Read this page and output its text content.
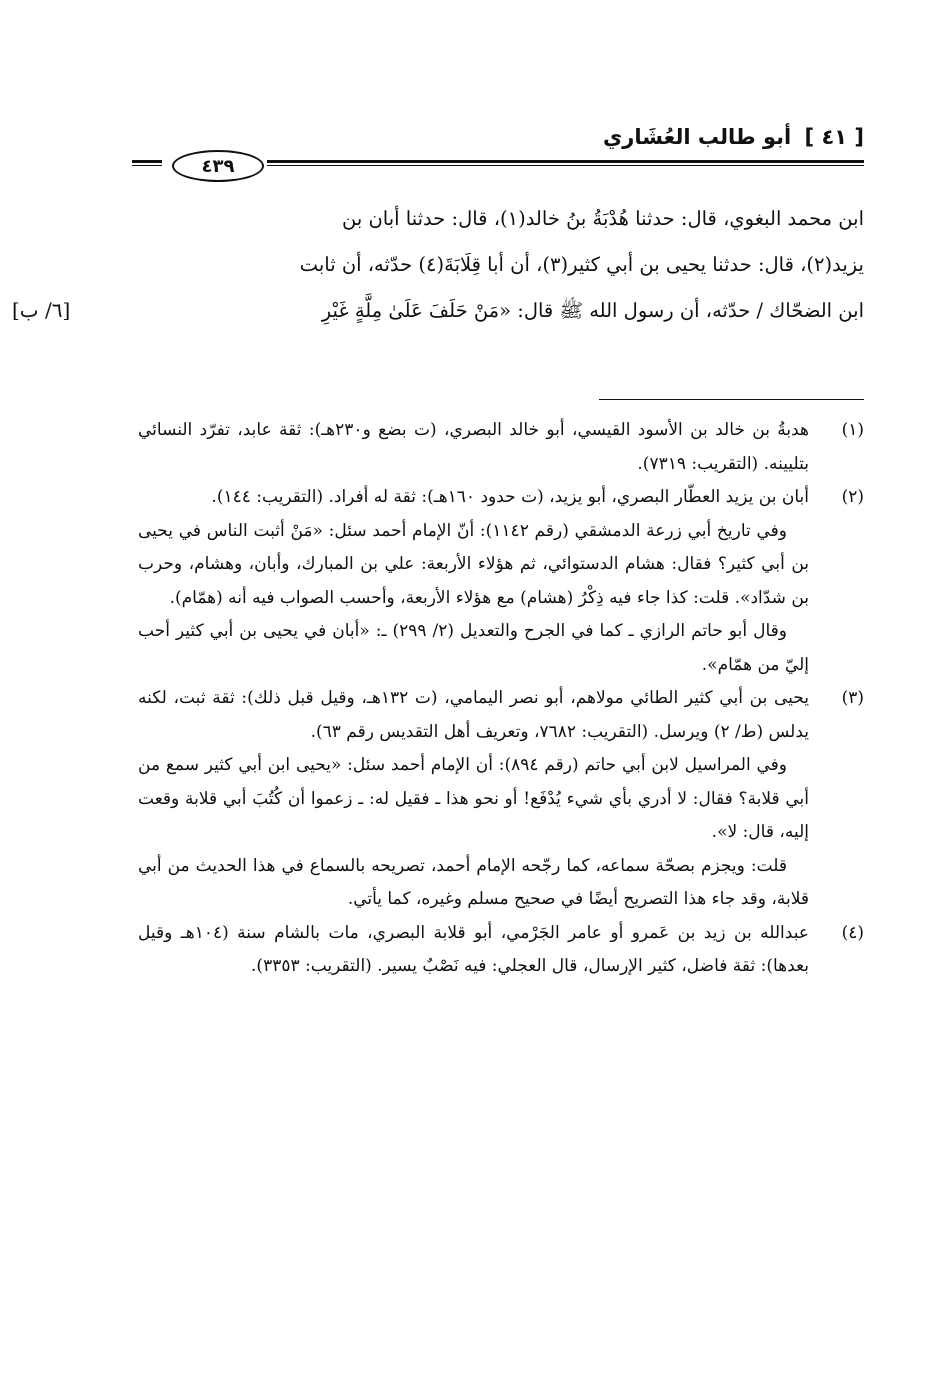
[ ٤١ ] أبو طالب العُشَاري
٤٣٩

ابن محمد البغوي، قال: حدثنا هُدْبَةُ بنُ خالد(١)، قال: حدثنا أبان بن

يزيد(٢)، قال: حدثنا يحيى بن أبي كثير(٣)، أن أبا قِلَابَةَ(٤) حدّثه، أن ثابت

ابن الضحّاك / حدّثه، أن رسول الله ﷺ قال: «مَنْ حَلَفَ عَلَىٰ مِلَّةٍ غَيْرِ

[٦/ ب]
(١)

هدبةُ بن خالد بن الأسود القيسي، أبو خالد البصري، (ت بضع و٢٣٠هـ): ثقة عابد، تفرّد النسائي بتليينه. (التقريب: ٧٣١٩).

(٢)

أبان بن يزيد العطّار البصري، أبو يزيد، (ت حدود ١٦٠هـ): ثقة له أفراد. (التقريب: ١٤٤).

وفي تاريخ أبي زرعة الدمشقي (رقم ١١٤٢): أنّ الإمام أحمد سئل: «مَنْ أثبت الناس في يحيى بن أبي كثير؟ فقال: هشام الدستوائي، ثم هؤلاء الأربعة: علي بن المبارك، وأبان، وهشام، وحرب بن شدّاد». قلت: كذا جاء فيه ذِكْرُ (هشام) مع هؤلاء الأربعة، وأحسب الصواب فيه أنه (همّام).

وقال أبو حاتم الرازي ـ كما في الجرح والتعديل (٢/ ٢٩٩) ـ: «أبان في يحيى بن أبي كثير أحب إليّ من همّام».

(٣)

يحيى بن أبي كثير الطائي مولاهم، أبو نصر اليمامي، (ت ١٣٢هـ، وقيل قبل ذلك): ثقة ثبت، لكنه يدلس (ط/ ٢) ويرسل. (التقريب: ٧٦٨٢، وتعريف أهل التقديس رقم ٦٣).

وفي المراسيل لابن أبي حاتم (رقم ٨٩٤): أن الإمام أحمد سئل: «يحيى ابن أبي كثير سمع من أبي قلابة؟ فقال: لا أدري بأي شيء يُدْفَع! أو نحو هذا ـ فقيل له: ـ زعموا أن كُتُبَ أبي قلابة وقعت إليه، قال: لا».

قلت: ويجزم بصحّة سماعه، كما رجّحه الإمام أحمد، تصريحه بالسماع في هذا الحديث من أبي قلابة، وقد جاء هذا التصريح أيضًا في صحيح مسلم وغيره، كما يأتي.

(٤)

عبدالله بن زيد بن عَمرو أو عامر الجَرْمي، أبو قلابة البصري، مات بالشام سنة (١٠٤هـ وقيل بعدها): ثقة فاضل، كثير الإرسال، قال العجلي: فيه نَصْبٌ يسير. (التقريب: ٣٣٥٣).
